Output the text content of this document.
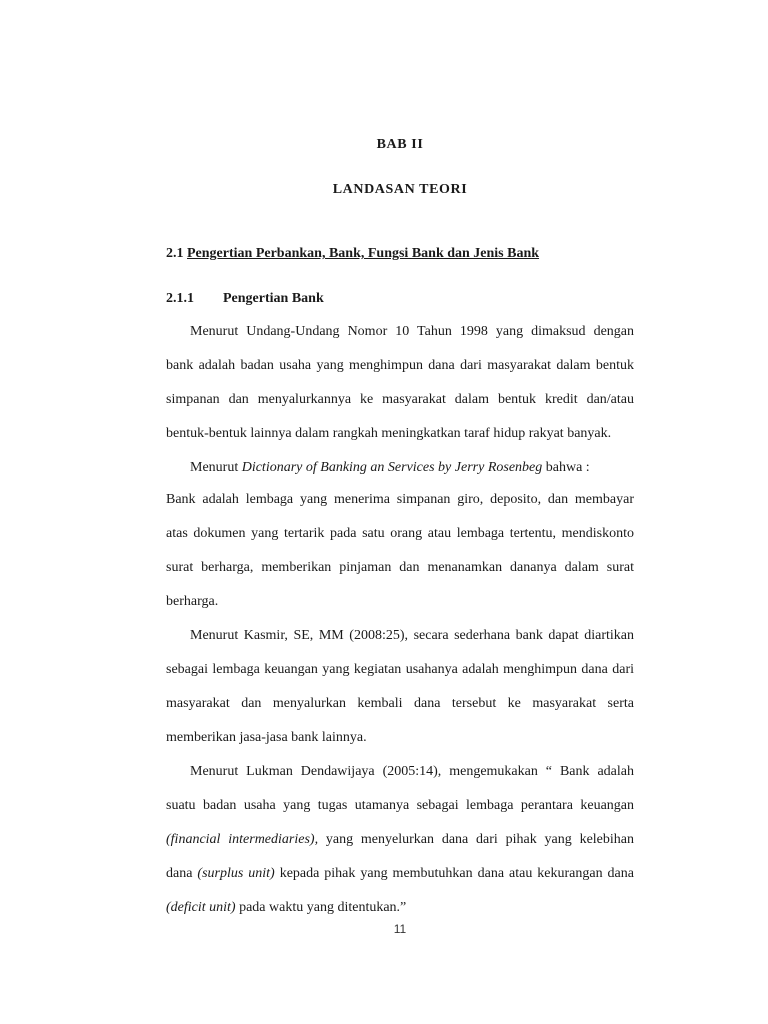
BAB II
LANDASAN TEORI
2.1 Pengertian Perbankan, Bank, Fungsi Bank dan Jenis Bank
2.1.1 Pengertian Bank
Menurut Undang-Undang Nomor 10 Tahun 1998 yang dimaksud dengan
bank adalah badan usaha yang menghimpun dana dari masyarakat dalam bentuk
simpanan dan menyalurkannya ke masyarakat dalam bentuk kredit dan/atau
bentuk-bentuk lainnya dalam rangkah meningkatkan taraf hidup rakyat banyak.
Menurut Dictionary of Banking an Services by Jerry Rosenbeg bahwa :
Bank adalah lembaga yang menerima simpanan giro, deposito, dan membayar
atas dokumen yang tertarik pada satu orang atau lembaga tertentu, mendiskonto
surat berharga, memberikan pinjaman dan menanamkan dananya dalam surat
berharga.
Menurut Kasmir, SE, MM (2008:25), secara sederhana bank dapat diartikan
sebagai lembaga keuangan yang kegiatan usahanya adalah menghimpun dana dari
masyarakat dan menyalurkan kembali dana tersebut ke masyarakat serta
memberikan jasa-jasa bank lainnya.
Menurut Lukman Dendawijaya (2005:14), mengemukakan “ Bank adalah
suatu badan usaha yang tugas utamanya sebagai lembaga perantara keuangan
(financial intermediaries), yang menyelurkan dana dari pihak yang kelebihan
dana (surplus unit) kepada pihak yang membutuhkan dana atau kekurangan dana
(deficit unit) pada waktu yang ditentukan.”
11
